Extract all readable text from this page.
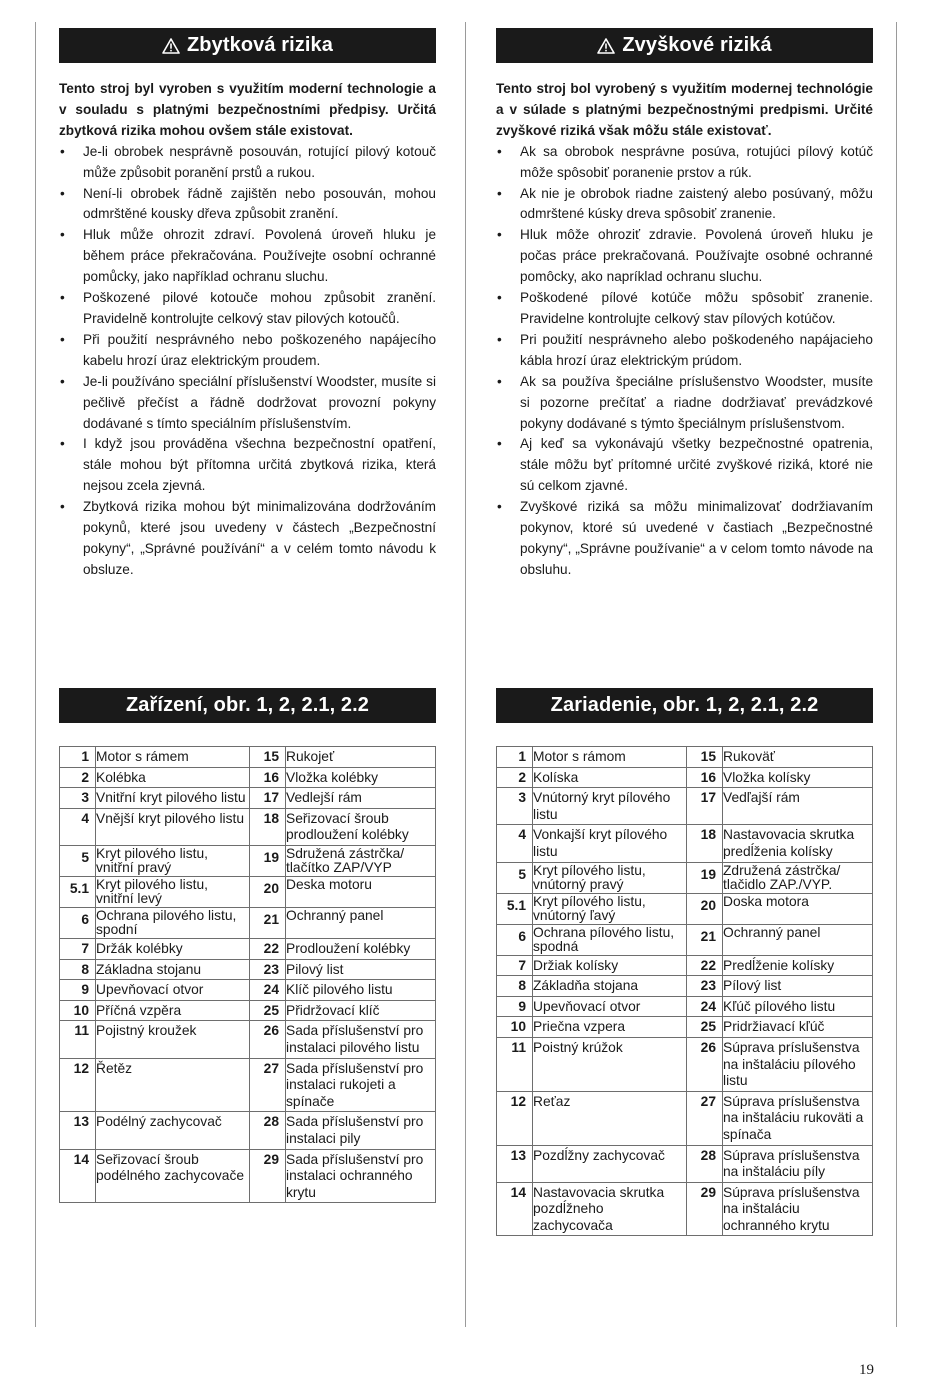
Zbytková rizika
Tento stroj byl vyroben s využitím moderní technologie a v souladu s platnými bezpečnostními předpisy. Určitá zbytková rizika mohou ovšem stále existovat.
• Je-li obrobek nesprávně posouván, rotující pilový kotouč může způsobit poranění prstů a rukou.
• Není-li obrobek řádně zajištěn nebo posouván, mohou odmrštěné kousky dřeva způsobit zranění.
• Hluk může ohrozit zdraví. Povolená úroveň hluku je během práce překračována. Používejte osobní ochranné pomůcky, jako například ochranu sluchu.
• Poškozené pilové kotouče mohou způsobit zranění. Pravidelně kontrolujte celkový stav pilových kotoučů.
• Při použití nesprávného nebo poškozeného napájecího kabelu hrozí úraz elektrickým proudem.
• Je-li používáno speciální příslušenství Woodster, musíte si pečlivě přečíst a řádně dodržovat provozní pokyny dodávané s tímto speciálním příslušenstvím.
• I když jsou prováděna všechna bezpečnostní opatření, stále mohou být přítomna určitá zbytková rizika, která nejsou zcela zjevná.
• Zbytková rizika mohou být minimalizována dodržováním pokynů, které jsou uvedeny v částech „Bezpečnostní pokyny“, „Správné používání“ a v celém tomto návodu k obsluze.
Zvyškové riziká
Tento stroj bol vyrobený s využitím modernej technológie a v súlade s platnými bezpečnostnými predpismi. Určité zvyškové riziká však môžu stále existovať.
• Ak sa obrobok nesprávne posúva, rotujúci pílový kotúč môže spôsobiť poranenie prstov a rúk.
• Ak nie je obrobok riadne zaistený alebo posúvaný, môžu odmrštené kúsky dreva spôsobiť zranenie.
• Hluk môže ohroziť zdravie. Povolená úroveň hluku je počas práce prekračovaná. Používajte osobné ochranné pomôcky, ako napríklad ochranu sluchu.
• Poškodené pílové kotúče môžu spôsobiť zranenie. Pravidelne kontrolujte celkový stav pílových kotúčov.
• Pri použití nesprávneho alebo poškodeného napájacieho kábla hrozí úraz elektrickým prúdom.
• Ak sa používa špeciálne príslušenstvo Woodster, musíte si pozorne prečítať a riadne dodržiavať prevádzkové pokyny dodávané s týmto špeciálnym príslušenstvom.
• Aj keď sa vykonávajú všetky bezpečnostné opatrenia, stále môžu byť prítomné určité zvyškové riziká, ktoré nie sú celkom zjavné.
• Zvyškové riziká sa môžu minimalizovať dodržiavaním pokynov, ktoré sú uvedené v častiach „Bezpečnostné pokyny“, „Správne používanie“ a v celom tomto návode na obsluhu.
Zařízení, obr. 1, 2, 2.1, 2.2
1	Motor s rámem	15	Rukojeť
2	Kolébka	16	Vložka kolébky
3	Vnitřní kryt pilového listu	17	Vedlejší rám
4	Vnější kryt pilového listu	18	Seřizovací šroub prodloužení kolébky
5	Kryt pilového listu, vnitřní pravý	19	Sdružená zástrčka/ tlačítko ZAP/VYP
5.1	Kryt pilového listu, vnitřní levý	20	Deska motoru
6	Ochrana pilového listu, spodní	21	Ochranný panel
7	Držák kolébky	22	Prodloužení kolébky
8	Základna stojanu	23	Pilový list
9	Upevňovací otvor	24	Klíč pilového listu
10	Příčná vzpěra	25	Přidržovací klíč
11	Pojistný kroužek	26	Sada příslušenství pro instalaci pilového listu
12	Řetěz	27	Sada příslušenství pro instalaci rukojeti a spínače
13	Podélný zachycovač	28	Sada příslušenství pro instalaci pily
14	Seřizovací šroub podélného zachycovače	29	Sada příslušenství pro instalaci ochranného krytu
Zariadenie, obr. 1, 2, 2.1, 2.2
1	Motor s rámom	15	Rukoväť
2	Kolíska	16	Vložka kolísky
3	Vnútorný kryt pílového listu	17	Vedľajší rám
4	Vonkajší kryt pílového listu	18	Nastavovacia skrutka predĺženia kolísky
5	Kryt pílového listu, vnútorný pravý	19	Združená zástrčka/ tlačidlo ZAP./VYP.
5.1	Kryt pílového listu, vnútorný ľavý	20	Doska motora
6	Ochrana pílového listu, spodná	21	Ochranný panel
7	Držiak kolísky	22	Predĺženie kolísky
8	Základňa stojana	23	Pílový list
9	Upevňovací otvor	24	Kľúč pílového listu
10	Priečna vzpera	25	Pridržiavací kľúč
11	Poistný krúžok	26	Súprava príslušenstva na inštaláciu pílového listu
12	Reťaz	27	Súprava príslušenstva na inštaláciu rukoväti a spínača
13	Pozdĺžny zachycovač	28	Súprava príslušenstva na inštaláciu píly
14	Nastavovacia skrutka pozdĺžneho zachycovača	29	Súprava príslušenstva na inštaláciu ochranného krytu
19
